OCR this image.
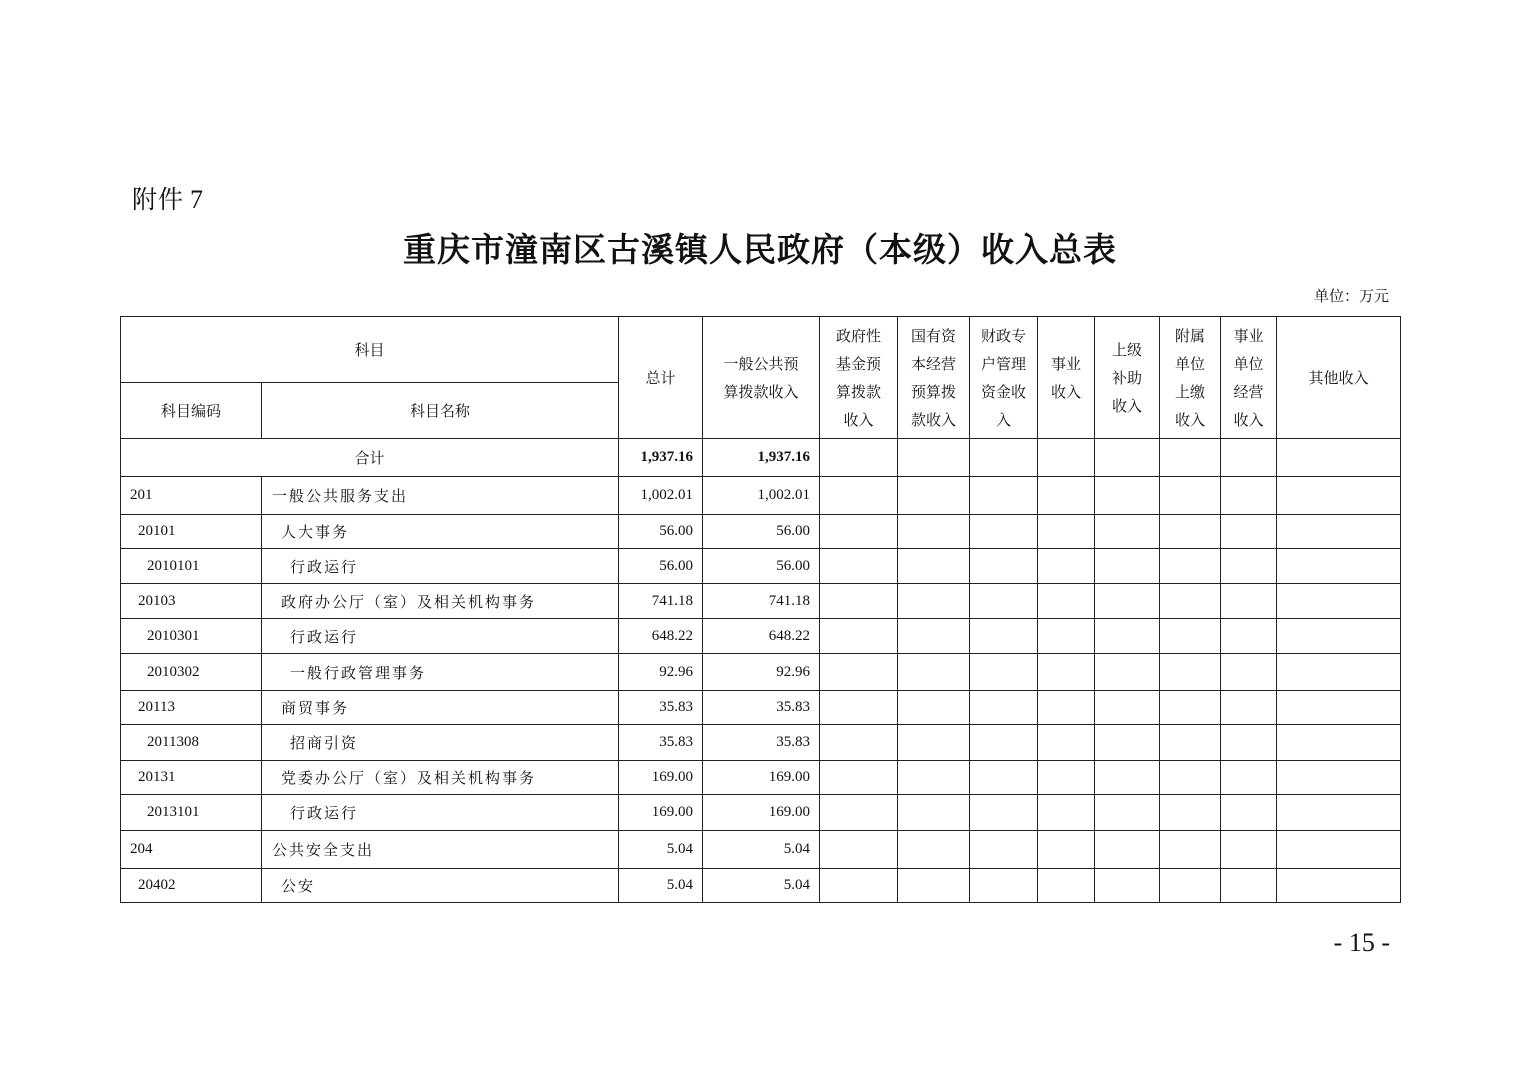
附件 7
重庆市潼南区古溪镇人民政府（本级）收入总表
单位：万元
科目		总计	一般公共预算拨款收入	政府性基金预算拨款收入	国有资本经营预算拨款收入	财政专户管理资金收入	事业收入	上级补助收入	附属单位上缴收入	事业单位经营收入	其他收入
科目编码	科目名称										
合计		1,937.16	1,937.16								
201	一般公共服务支出	1,002.01	1,002.01								
20101	人大事务	56.00	56.00								
2010101	行政运行	56.00	56.00								
20103	政府办公厅（室）及相关机构事务	741.18	741.18								
2010301	行政运行	648.22	648.22								
2010302	一般行政管理事务	92.96	92.96								
20113	商贸事务	35.83	35.83								
2011308	招商引资	35.83	35.83								
20131	党委办公厅（室）及相关机构事务	169.00	169.00								
2013101	行政运行	169.00	169.00								
204	公共安全支出	5.04	5.04								
20402	公安	5.04	5.04								
- 15 -
